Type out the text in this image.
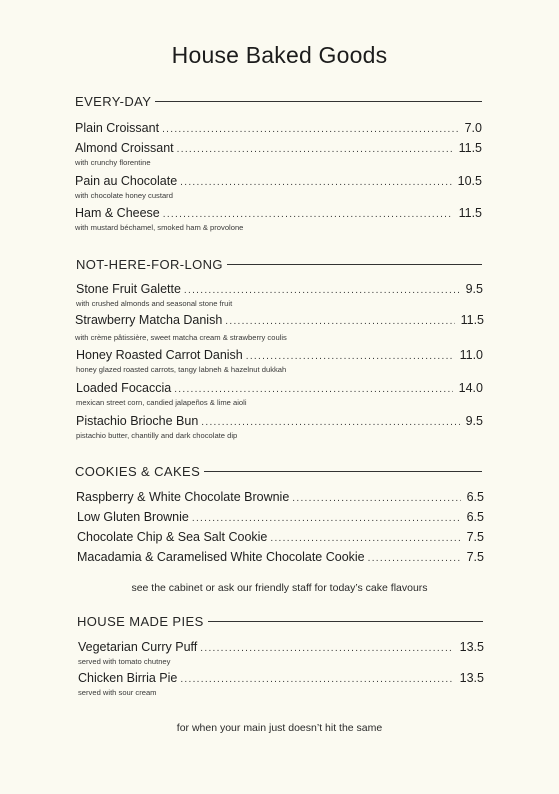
House Baked Goods
EVERY-DAY
Plain Croissant .....	7.0
Almond Croissant .....	11.5
with crunchy florentine
Pain au Chocolate .....	10.5
with chocolate honey custard
Ham & Cheese .....	11.5
with mustard béchamel, smoked ham & provolone
NOT-HERE-FOR-LONG
Stone Fruit Galette .....	9.5
with crushed almonds and seasonal stone fruit
Strawberry Matcha Danish .....	11.5
with crème pâtissière, sweet matcha cream & strawberry coulis
Honey Roasted Carrot Danish .....	11.0
honey glazed roasted carrots, tangy labneh & hazelnut dukkah
Loaded Focaccia .....	14.0
mexican street corn, candied jalapeños & lime aioli
Pistachio Brioche Bun .....	9.5
pistachio butter, chantilly and dark chocolate dip
COOKIES & CAKES
Raspberry & White Chocolate Brownie .....	6.5
Low Gluten Brownie .....	6.5
Chocolate Chip & Sea Salt Cookie .....	7.5
Macadamia & Caramelised White Chocolate Cookie .....	7.5
see the cabinet or ask our friendly staff for today’s cake flavours
HOUSE MADE PIES
Vegetarian Curry Puff .....	13.5
served with tomato chutney
Chicken Birria Pie .....	13.5
served with sour cream
for when your main just doesn’t hit the same
